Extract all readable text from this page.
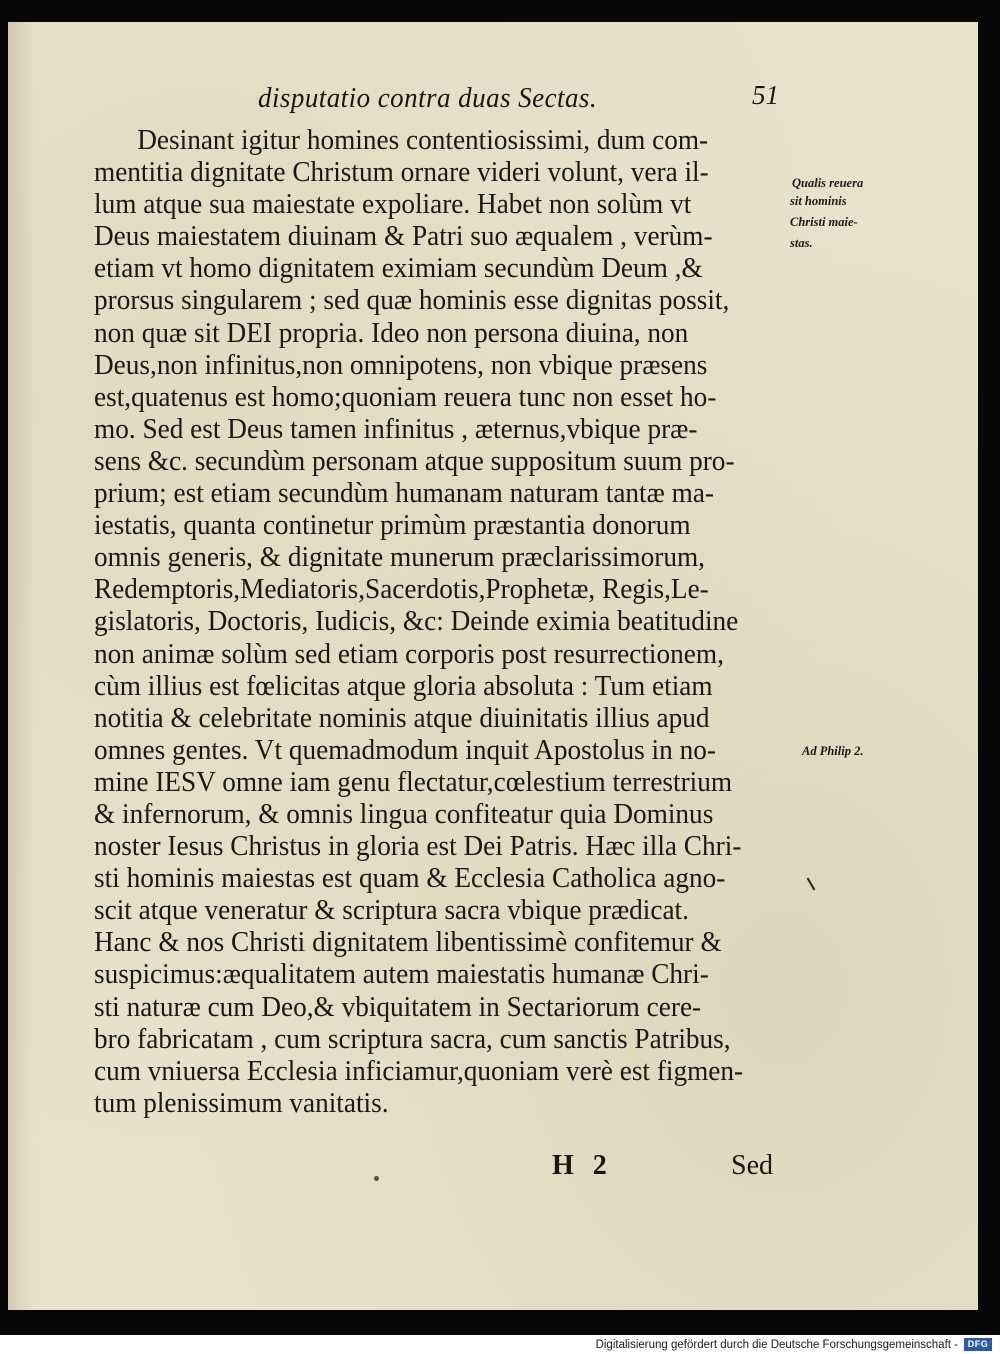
disputatio contra duas Sectas.	51
Desinant igitur homines contentiosissimi, dum com-
mentitia dignitate Christum ornare videri volunt, vera il-
lum atque sua maiestate expoliare. Habet non solùm vt
Deus maiestatem diuinam & Patri suo æqualem , verùm-
etiam vt homo dignitatem eximiam secundùm Deum ,&
prorsus singularem ; sed quæ hominis esse dignitas possit,
non quæ sit DEI propria. Ideo non persona diuina, non
Deus,non infinitus,non omnipotens, non vbique præsens
est,quatenus est homo;quoniam reuera tunc non esset ho-
mo. Sed est Deus tamen infinitus , æternus,vbique præ-
sens &c. secundùm personam atque suppositum suum pro-
prium; est etiam secundùm humanam naturam tantæ ma-
iestatis, quanta continetur primùm præstantia donorum
omnis generis, & dignitate munerum præclarissimorum,
Redemptoris,Mediatoris,Sacerdotis,Prophetæ, Regis,Le-
gislatoris, Doctoris, Iudicis, &c: Deinde eximia beatitudine
non animæ solùm sed etiam corporis post resurrectionem,
cùm illius est fœlicitas atque gloria absoluta : Tum etiam
notitia & celebritate nominis atque diuinitatis illius apud
omnes gentes. Vt quemadmodum inquit Apostolus in no-
mine IESV omne iam genu flectatur,cœlestium terrestrium
& infernorum, & omnis lingua confiteatur quia Dominus
noster Iesus Christus in gloria est Dei Patris. Hæc illa Chri-
sti hominis maiestas est quam & Ecclesia Catholica agno-
scit atque veneratur & scriptura sacra vbique prædicat.
Hanc & nos Christi dignitatem libentissimè confitemur &
suspicimus:æqualitatem autem maiestatis humanæ Chri-
sti naturæ cum Deo,& vbiquitatem in Sectariorum cere-
bro fabricatam , cum scriptura sacra, cum sanctis Patribus,
cum vniuersa Ecclesia inficiamur,quoniam verè est figmen-
tum plenissimum vanitatis.
Qualis reuera
sit hominis
Christi maie-
stas.
Ad Philip 2.
H 2	Sed
Digitalisierung gefördert durch die Deutsche Forschungsgemeinschaft -	DFG
